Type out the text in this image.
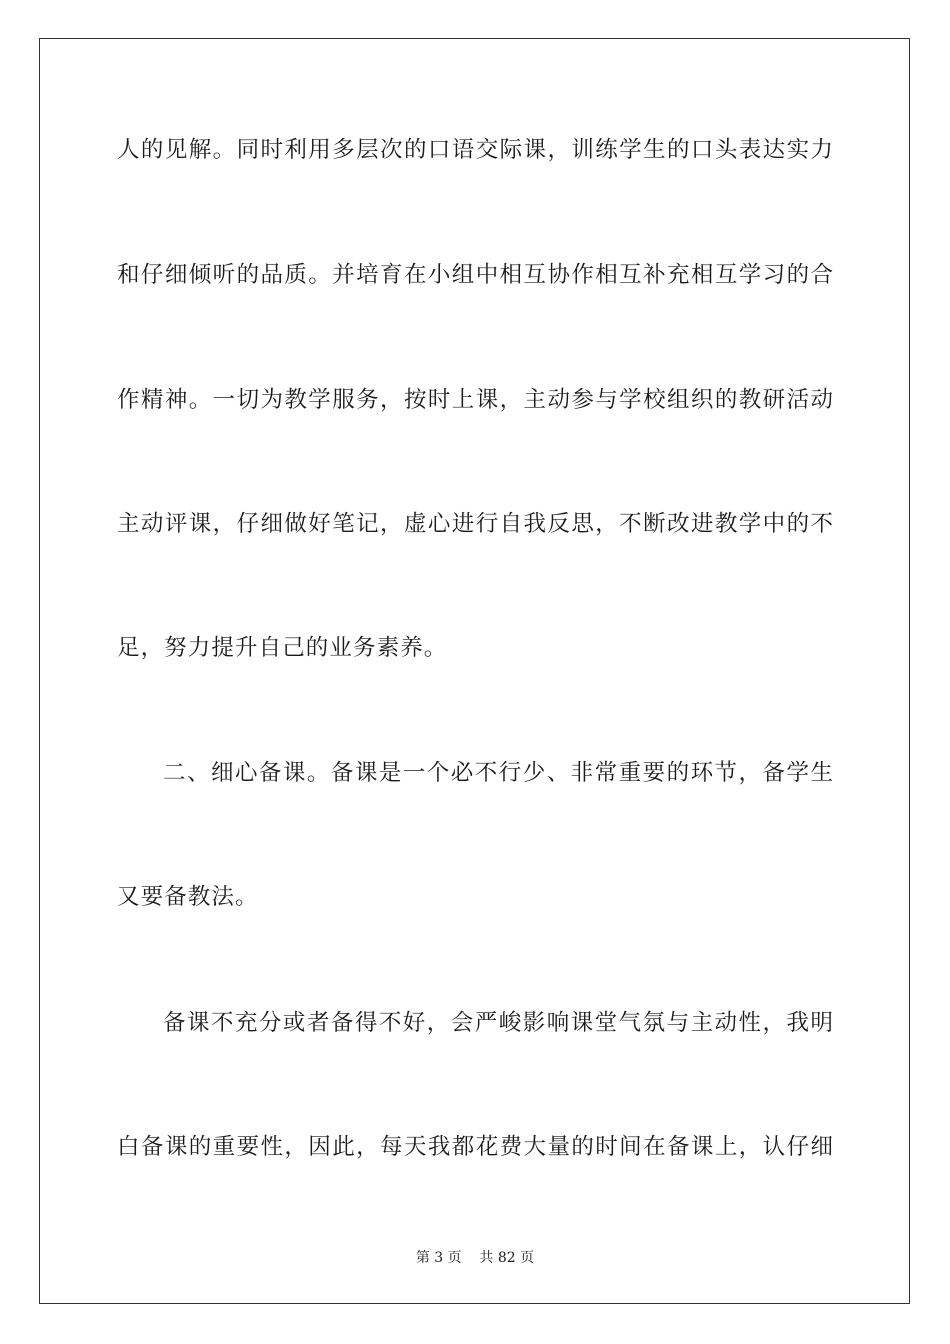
人的见解。同时利用多层次的口语交际课，训练学生的口头表达实力
和仔细倾听的品质。并培育在小组中相互协作相互补充相互学习的合
作精神。一切为教学服务，按时上课，主动参与学校组织的教研活动
主动评课，仔细做好笔记，虚心进行自我反思，不断改进教学中的不
足，努力提升自己的业务素养。
二、细心备课。备课是一个必不行少、非常重要的环节，备学生
又要备教法。
备课不充分或者备得不好，会严峻影响课堂气氛与主动性，我明
白备课的重要性，因此，每天我都花费大量的时间在备课上，认仔细
第 3 页    共 82 页
